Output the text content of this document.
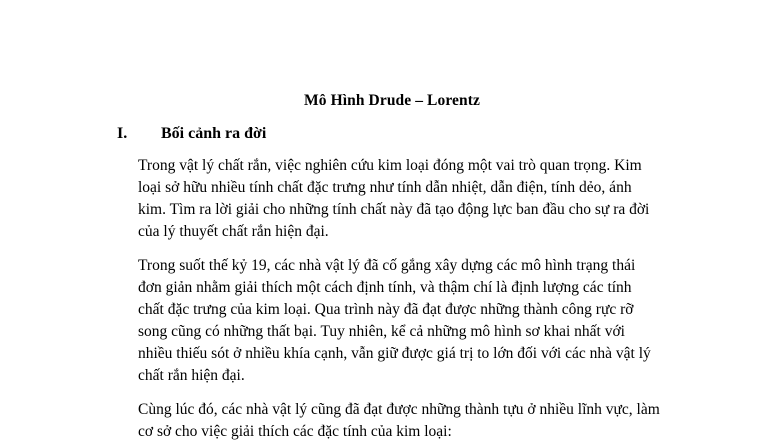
Mô Hình Drude – Lorentz
I. Bối cảnh ra đời
Trong vật lý chất rắn, việc nghiên cứu kim loại đóng một vai trò quan trọng. Kim
loại sở hữu nhiều tính chất đặc trưng như tính dẫn nhiệt, dẫn điện, tính dẻo, ánh
kim. Tìm ra lời giải cho những tính chất này đã tạo động lực ban đầu cho sự ra đời
của lý thuyết chất rắn hiện đại.
Trong suốt thế kỷ 19, các nhà vật lý đã cố gắng xây dựng các mô hình trạng thái
đơn giản nhằm giải thích một cách định tính, và thậm chí là định lượng các tính
chất đặc trưng của kim loại. Qua trình này đã đạt được những thành công rực rỡ
song cũng có những thất bại. Tuy nhiên, kể cả những mô hình sơ khai nhất với
nhiều thiếu sót ở nhiều khía cạnh, vẫn giữ được giá trị to lớn đối với các nhà vật lý
chất rắn hiện đại.
Cùng lúc đó, các nhà vật lý cũng đã đạt được những thành tựu ở nhiều lĩnh vực, làm
cơ sở cho việc giải thích các đặc tính của kim loại:
